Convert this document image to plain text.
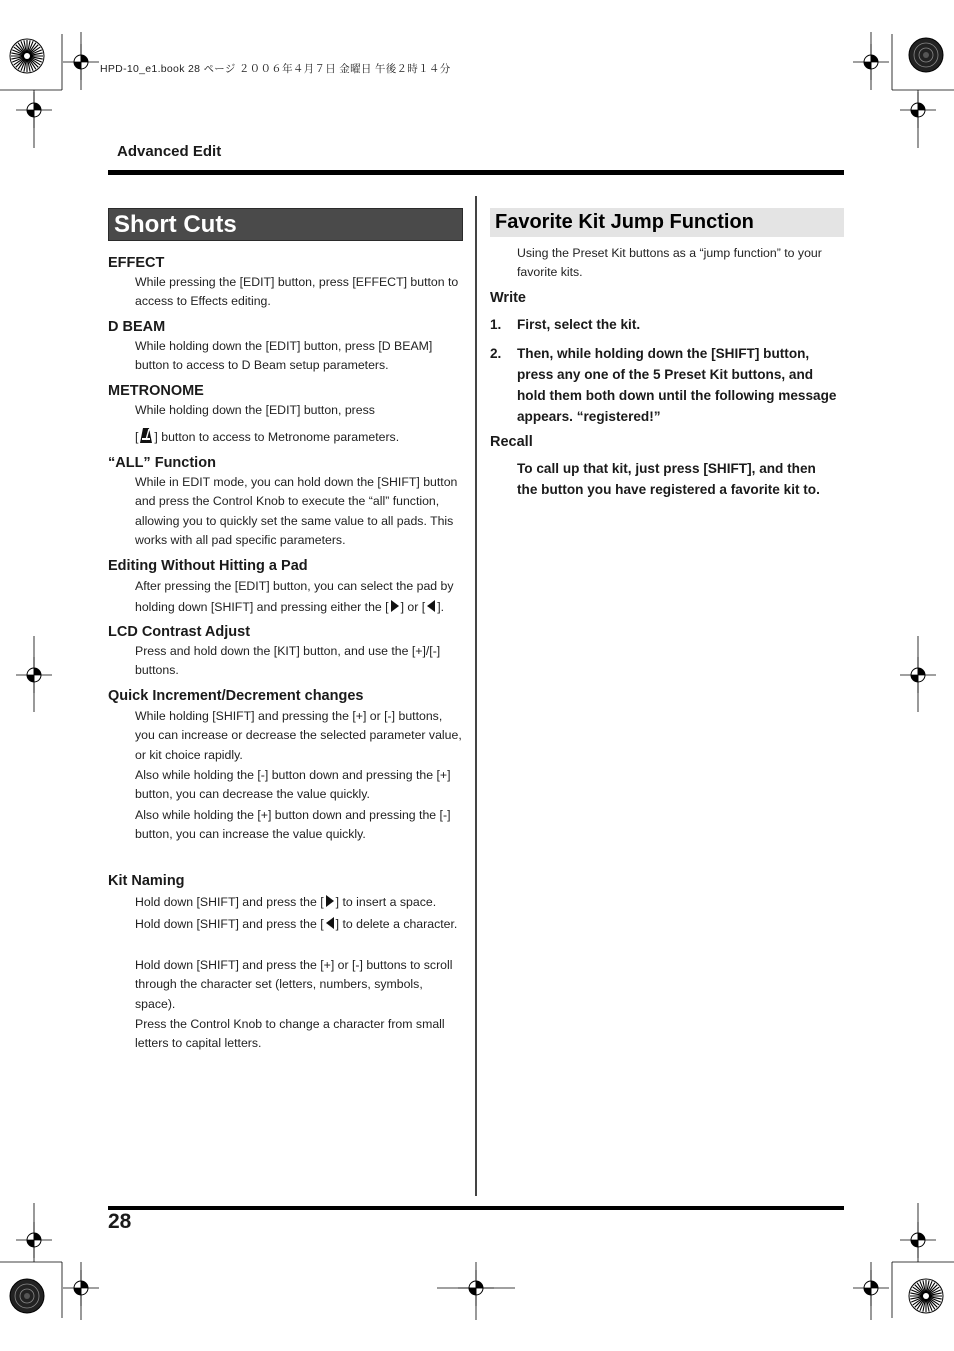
HPD-10_e1.book 28 ページ ２００６年４月７日 金曜日 午後２時１４分
Advanced Edit
Short Cuts
EFFECT
While pressing the [EDIT] button, press [EFFECT] button to access to Effects editing.
D BEAM
While holding down the [EDIT] button, press [D BEAM] button to access to D Beam setup parameters.
METRONOME
While holding down the [EDIT] button, press
[ ] button to access to Metronome parameters.
“ALL” Function
While in EDIT mode, you can hold down the [SHIFT] button and press the Control Knob to execute the “all” function, allowing you to quickly set the same value to all pads. This works with all pad specific parameters.
Editing Without Hitting a Pad
After pressing the [EDIT] button, you can select the pad by holding down [SHIFT] and pressing either the [ ] or [ ].
LCD Contrast Adjust
Press and hold down the [KIT] button, and use the [+]/[-] buttons.
Quick Increment/Decrement changes
While holding [SHIFT] and pressing the [+] or [-] buttons, you can increase or decrease the selected parameter value, or kit choice rapidly.
Also while holding the [-] button down and pressing the [+] button, you can decrease the value quickly.
Also while holding the [+] button down and pressing the [-] button, you can increase the value quickly.
Kit Naming
Hold down [SHIFT] and press the [ ] to insert a space.
Hold down [SHIFT] and press the [ ] to delete a character.
Hold down [SHIFT] and press the [+] or [-] buttons to scroll through the character set (letters, numbers, symbols, space).
Press the Control Knob to change a character from small letters to capital letters.
Favorite Kit Jump Function
Using the Preset Kit buttons as a “jump function” to your favorite kits.
Write
1. First, select the kit.
2. Then, while holding down the [SHIFT] button, press any one of the 5 Preset Kit buttons, and hold them both down until the following message appears. “registered!”
Recall
To call up that kit, just press [SHIFT], and then the button you have registered a favorite kit to.
28
